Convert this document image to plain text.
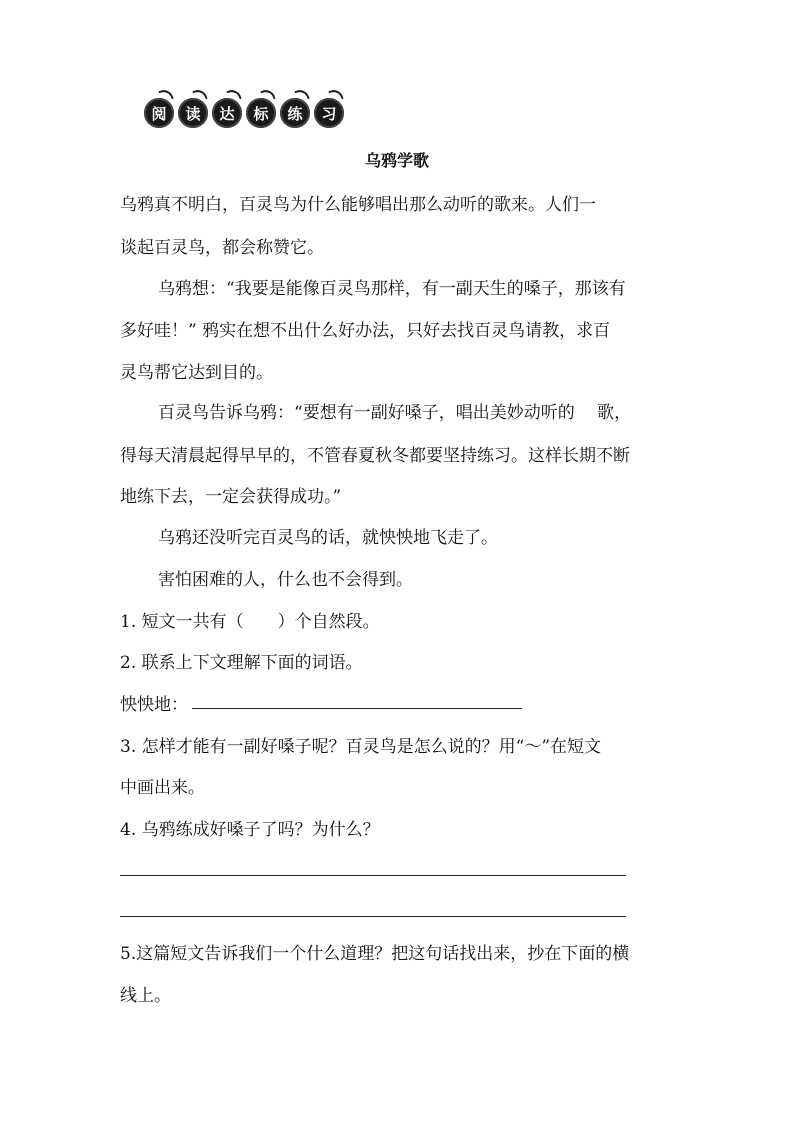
阅 读 达 标 练 习
乌鸦学歌
乌鸦真不明白，百灵鸟为什么能够唱出那么动听的歌来。人们一
谈起百灵鸟，都会称赞它。
乌鸦想：“我要是能像百灵鸟那样，有一副天生的嗓子，那该有
多好哇！” 鸦实在想不出什么好办法，只好去找百灵鸟请教，求百
灵鸟帮它达到目的。
百灵鸟告诉乌鸦：“要想有一副好嗓子，唱出美妙动听的　 歌，
得每天清晨起得早早的，不管春夏秋冬都要坚持练习。这样长期不断
地练下去，一定会获得成功。”
乌鸦还没听完百灵鸟的话，就怏怏地飞走了。
害怕困难的人，什么也不会得到。
1. 短文一共有（　　）个自然段。
2. 联系上下文理解下面的词语。
怏怏地：
3. 怎样才能有一副好嗓子呢？百灵鸟是怎么说的？用“～”在短文
中画出来。
4. 乌鸦练成好嗓子了吗？为什么？
5.这篇短文告诉我们一个什么道理？把这句话找出来，抄在下面的横
线上。
